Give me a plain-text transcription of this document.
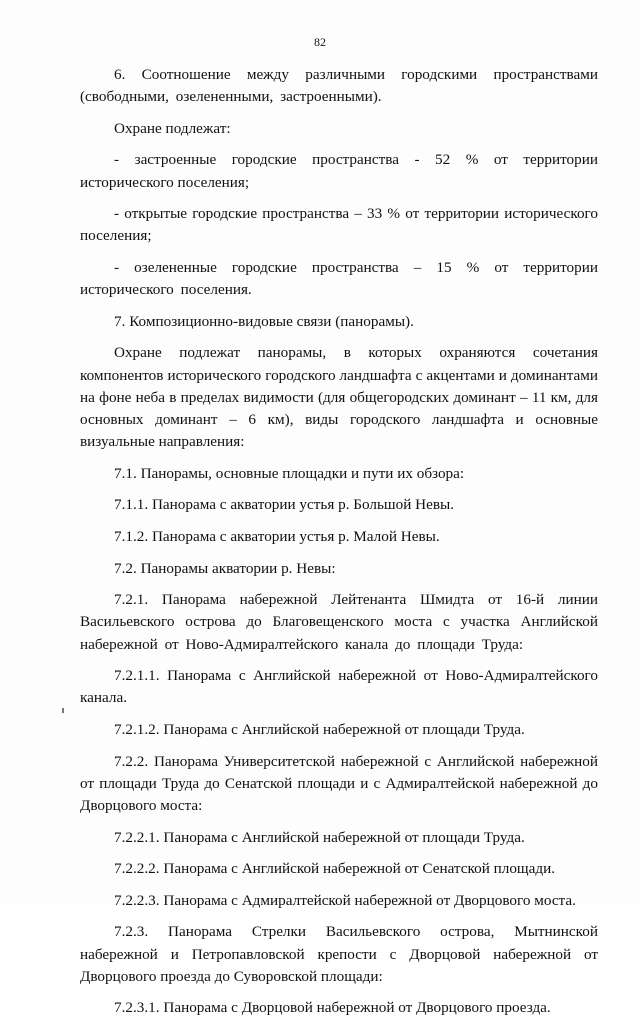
82

6. Соотношение между различными городскими пространствами (свободными, озелененными, застроенными).

Охране подлежат:

- застроенные городские пространства - 52 % от территории исторического поселения;

- открытые городские пространства – 33 % от территории исторического поселения;

- озелененные городские пространства – 15 % от территории исторического поселения.

7. Композиционно-видовые связи (панорамы).

Охране подлежат панорамы, в которых охраняются сочетания компонентов исторического городского ландшафта с акцентами и доминантами на фоне неба в пределах видимости (для общегородских доминант – 11 км, для основных доминант – 6 км), виды городского ландшафта и основные визуальные направления:

7.1. Панорамы, основные площадки и пути их обзора:

7.1.1. Панорама с акватории устья р. Большой Невы.

7.1.2. Панорама с акватории устья р. Малой Невы.

7.2. Панорамы акватории р. Невы:

7.2.1. Панорама набережной Лейтенанта Шмидта от 16-й линии Васильевского острова до Благовещенского моста с участка Английской набережной от Ново-Адмиралтейского канала до площади Труда:

7.2.1.1. Панорама с Английской набережной от Ново-Адмиралтейского канала.

7.2.1.2. Панорама с Английской набережной от площади Труда.

7.2.2. Панорама Университетской набережной с Английской набережной от площади Труда до Сенатской площади и с Адмиралтейской набережной до Дворцового моста:

7.2.2.1. Панорама с Английской набережной от площади Труда.

7.2.2.2. Панорама с Английской набережной от Сенатской площади.

7.2.2.3. Панорама с Адмиралтейской набережной от Дворцового моста.

7.2.3. Панорама Стрелки Васильевского острова, Мытнинской набережной и Петропавловской крепости с Дворцовой набережной от Дворцового проезда до Суворовской площади:

7.2.3.1. Панорама с Дворцовой набережной от Дворцового проезда.
